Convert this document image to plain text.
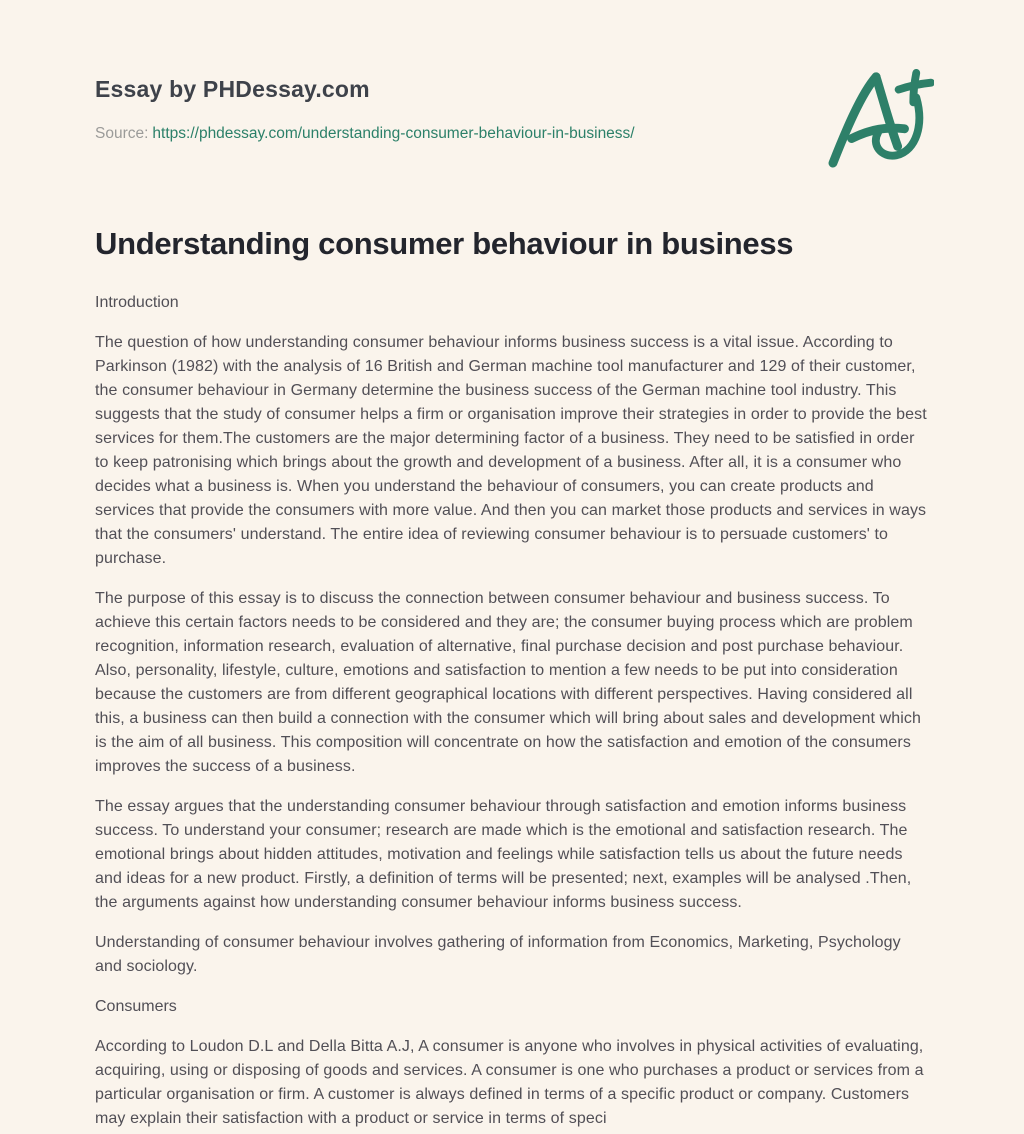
Essay by PHDessay.com
Source: https://phdessay.com/understanding-consumer-behaviour-in-business/
Understanding consumer behaviour in business
Introduction

The question of how understanding consumer behaviour informs business success is a vital issue. According to Parkinson (1982) with the analysis of 16 British and German machine tool manufacturer and 129 of their customer, the consumer behaviour in Germany determine the business success of the German machine tool industry. This suggests that the study of consumer helps a firm or organisation improve their strategies in order to provide the best services for them.The customers are the major determining factor of a business. They need to be satisfied in order to keep patronising which brings about the growth and development of a business. After all, it is a consumer who decides what a business is. When you understand the behaviour of consumers, you can create products and services that provide the consumers with more value. And then you can market those products and services in ways that the consumers' understand. The entire idea of reviewing consumer behaviour is to persuade customers' to purchase.

The purpose of this essay is to discuss the connection between consumer behaviour and business success. To achieve this certain factors needs to be considered and they are; the consumer buying process which are problem recognition, information research, evaluation of alternative, final purchase decision and post purchase behaviour. Also, personality, lifestyle, culture, emotions and satisfaction to mention a few needs to be put into consideration because the customers are from different geographical locations with different perspectives. Having considered all this, a business can then build a connection with the consumer which will bring about sales and development which is the aim of all business. This composition will concentrate on how the satisfaction and emotion of the consumers improves the success of a business.

The essay argues that the understanding consumer behaviour through satisfaction and emotion informs business success. To understand your consumer; research are made which is the emotional and satisfaction research. The emotional brings about hidden attitudes, motivation and feelings while satisfaction tells us about the future needs and ideas for a new product. Firstly, a definition of terms will be presented; next, examples will be analysed .Then, the arguments against how understanding consumer behaviour informs business success.

Understanding of consumer behaviour involves gathering of information from Economics, Marketing, Psychology and sociology.

Consumers

According to Loudon D.L and Della Bitta A.J, A consumer is anyone who involves in physical activities of evaluating, acquiring, using or disposing of goods and services. A consumer is one who purchases a product or services from a particular organisation or firm. A customer is always defined in terms of a specific product or company. Customers may explain their satisfaction with a product or service in terms of speci
